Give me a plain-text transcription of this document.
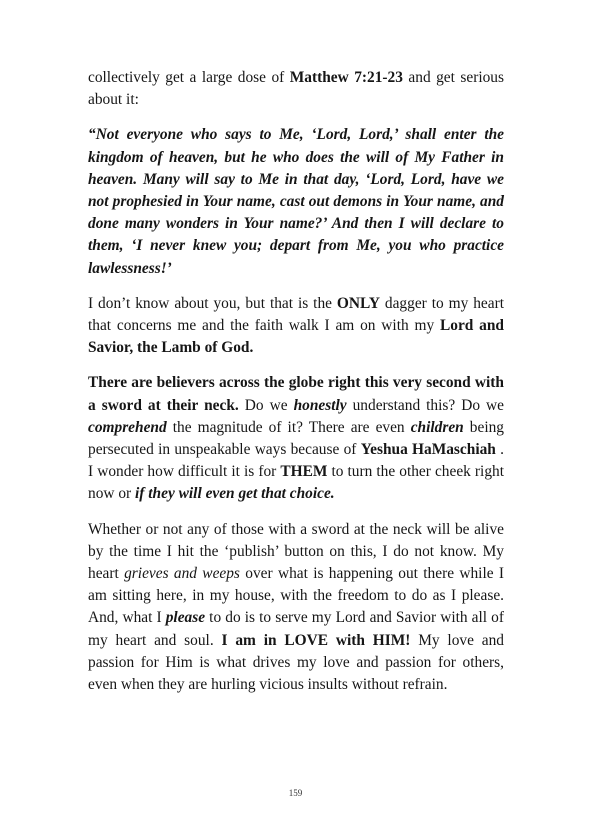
collectively get a large dose of Matthew 7:21-23 and get serious about it:

“Not everyone who says to Me, ‘Lord, Lord,’ shall enter the kingdom of heaven, but he who does the will of My Father in heaven. Many will say to Me in that day, ‘Lord, Lord, have we not prophesied in Your name, cast out demons in Your name, and done many wonders in Your name?’ And then I will declare to them, ‘I never knew you; depart from Me, you who practice lawlessness!’

I don’t know about you, but that is the ONLY dagger to my heart that concerns me and the faith walk I am on with my Lord and Savior, the Lamb of God.

There are believers across the globe right this very second with a sword at their neck. Do we honestly understand this? Do we comprehend the magnitude of it? There are even children being persecuted in unspeakable ways because of Yeshua HaMaschiah . I wonder how difficult it is for THEM to turn the other cheek right now or if they will even get that choice.

Whether or not any of those with a sword at the neck will be alive by the time I hit the ‘publish’ button on this, I do not know. My heart grieves and weeps over what is happening out there while I am sitting here, in my house, with the freedom to do as I please. And, what I please to do is to serve my Lord and Savior with all of my heart and soul. I am in LOVE with HIM! My love and passion for Him is what drives my love and passion for others, even when they are hurling vicious insults without refrain.

159
